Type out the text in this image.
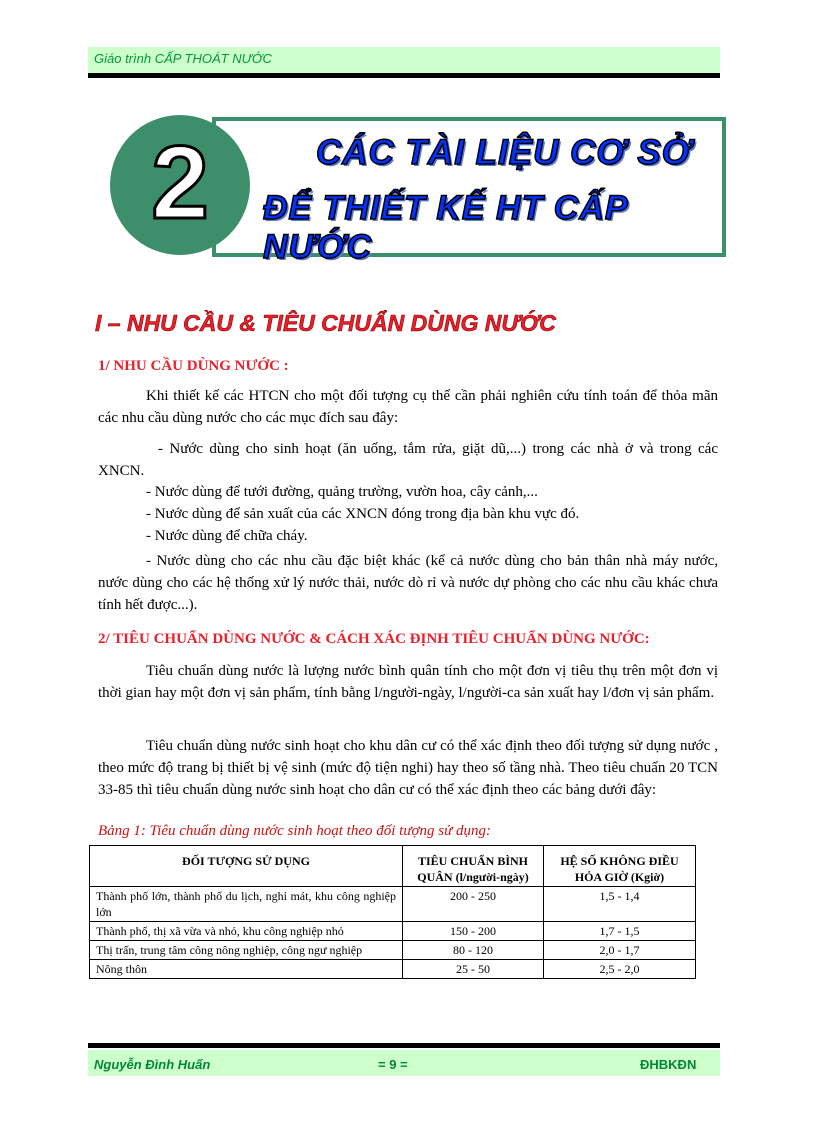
Giáo trình CẤP THOÁT NƯỚC
2	CÁC TÀI LIỆU CƠ SỞ
ĐỂ THIẾT KẾ HT CẤP NƯỚC
I – NHU CẦU & TIÊU CHUẨN DÙNG NƯỚC
1/ NHU CẦU DÙNG NƯỚC :
Khi thiết kế các HTCN cho một đối tượng cụ thể cần phải nghiên cứu tính toán để thỏa mãn các nhu cầu dùng nước cho các mục đích sau đây:
- Nước dùng cho sinh hoạt (ăn uống, tắm rửa, giặt dũ,...) trong các nhà ở và trong các XNCN.
- Nước dùng để tưới đường, quảng trường, vườn hoa, cây cảnh,...
- Nước dùng để sản xuất của các XNCN đóng trong địa bàn khu vực đó.
- Nước dùng để chữa cháy.
- Nước dùng cho các nhu cầu đặc biệt khác (kể cả nước dùng cho bản thân nhà máy nước, nước dùng cho các hệ thống xử lý nước thải, nước dò rỉ và nước dự phòng cho các nhu cầu khác chưa tính hết được...).
2/ TIÊU CHUẨN DÙNG NƯỚC & CÁCH XÁC ĐỊNH TIÊU CHUẨN DÙNG NƯỚC:
Tiêu chuẩn dùng nước là lượng nước bình quân tính cho một đơn vị tiêu thụ trên một đơn vị thời gian hay một đơn vị sản phẩm, tính bằng l/người-ngày, l/người-ca sản xuất hay l/đơn vị sản phẩm.
Tiêu chuẩn dùng nước sinh hoạt cho khu dân cư có thể xác định theo đối tượng sử dụng nước , theo mức độ trang bị thiết bị vệ sinh (mức độ tiện nghi) hay theo số tầng nhà. Theo tiêu chuẩn 20 TCN 33-85 thì tiêu chuẩn dùng nước sinh hoạt cho dân cư có thể xác định theo các bảng dưới đây:
Bảng 1: Tiêu chuẩn dùng nước sinh hoạt theo đối tượng sử dụng:
ĐỐI TƯỢNG SỬ DỤNG	TIÊU CHUẨN BÌNH QUÂN (l/người-ngày)	HỆ SỐ KHÔNG ĐIỀU HỎA GIỜ (Kgiờ)
Thành phố lớn, thành phố du lịch, nghỉ mát, khu công nghiệp lớn	200 - 250	1,5 - 1,4
Thành phố, thị xã vừa và nhỏ, khu công nghiệp nhỏ	150 - 200	1,7 - 1,5
Thị trấn, trung tâm công nông nghiệp, công ngư nghiệp	80 - 120	2,0 - 1,7
Nông thôn	25 - 50	2,5 - 2,0
Nguyễn Đình Huấn	= 9 =	ĐHBKĐN
